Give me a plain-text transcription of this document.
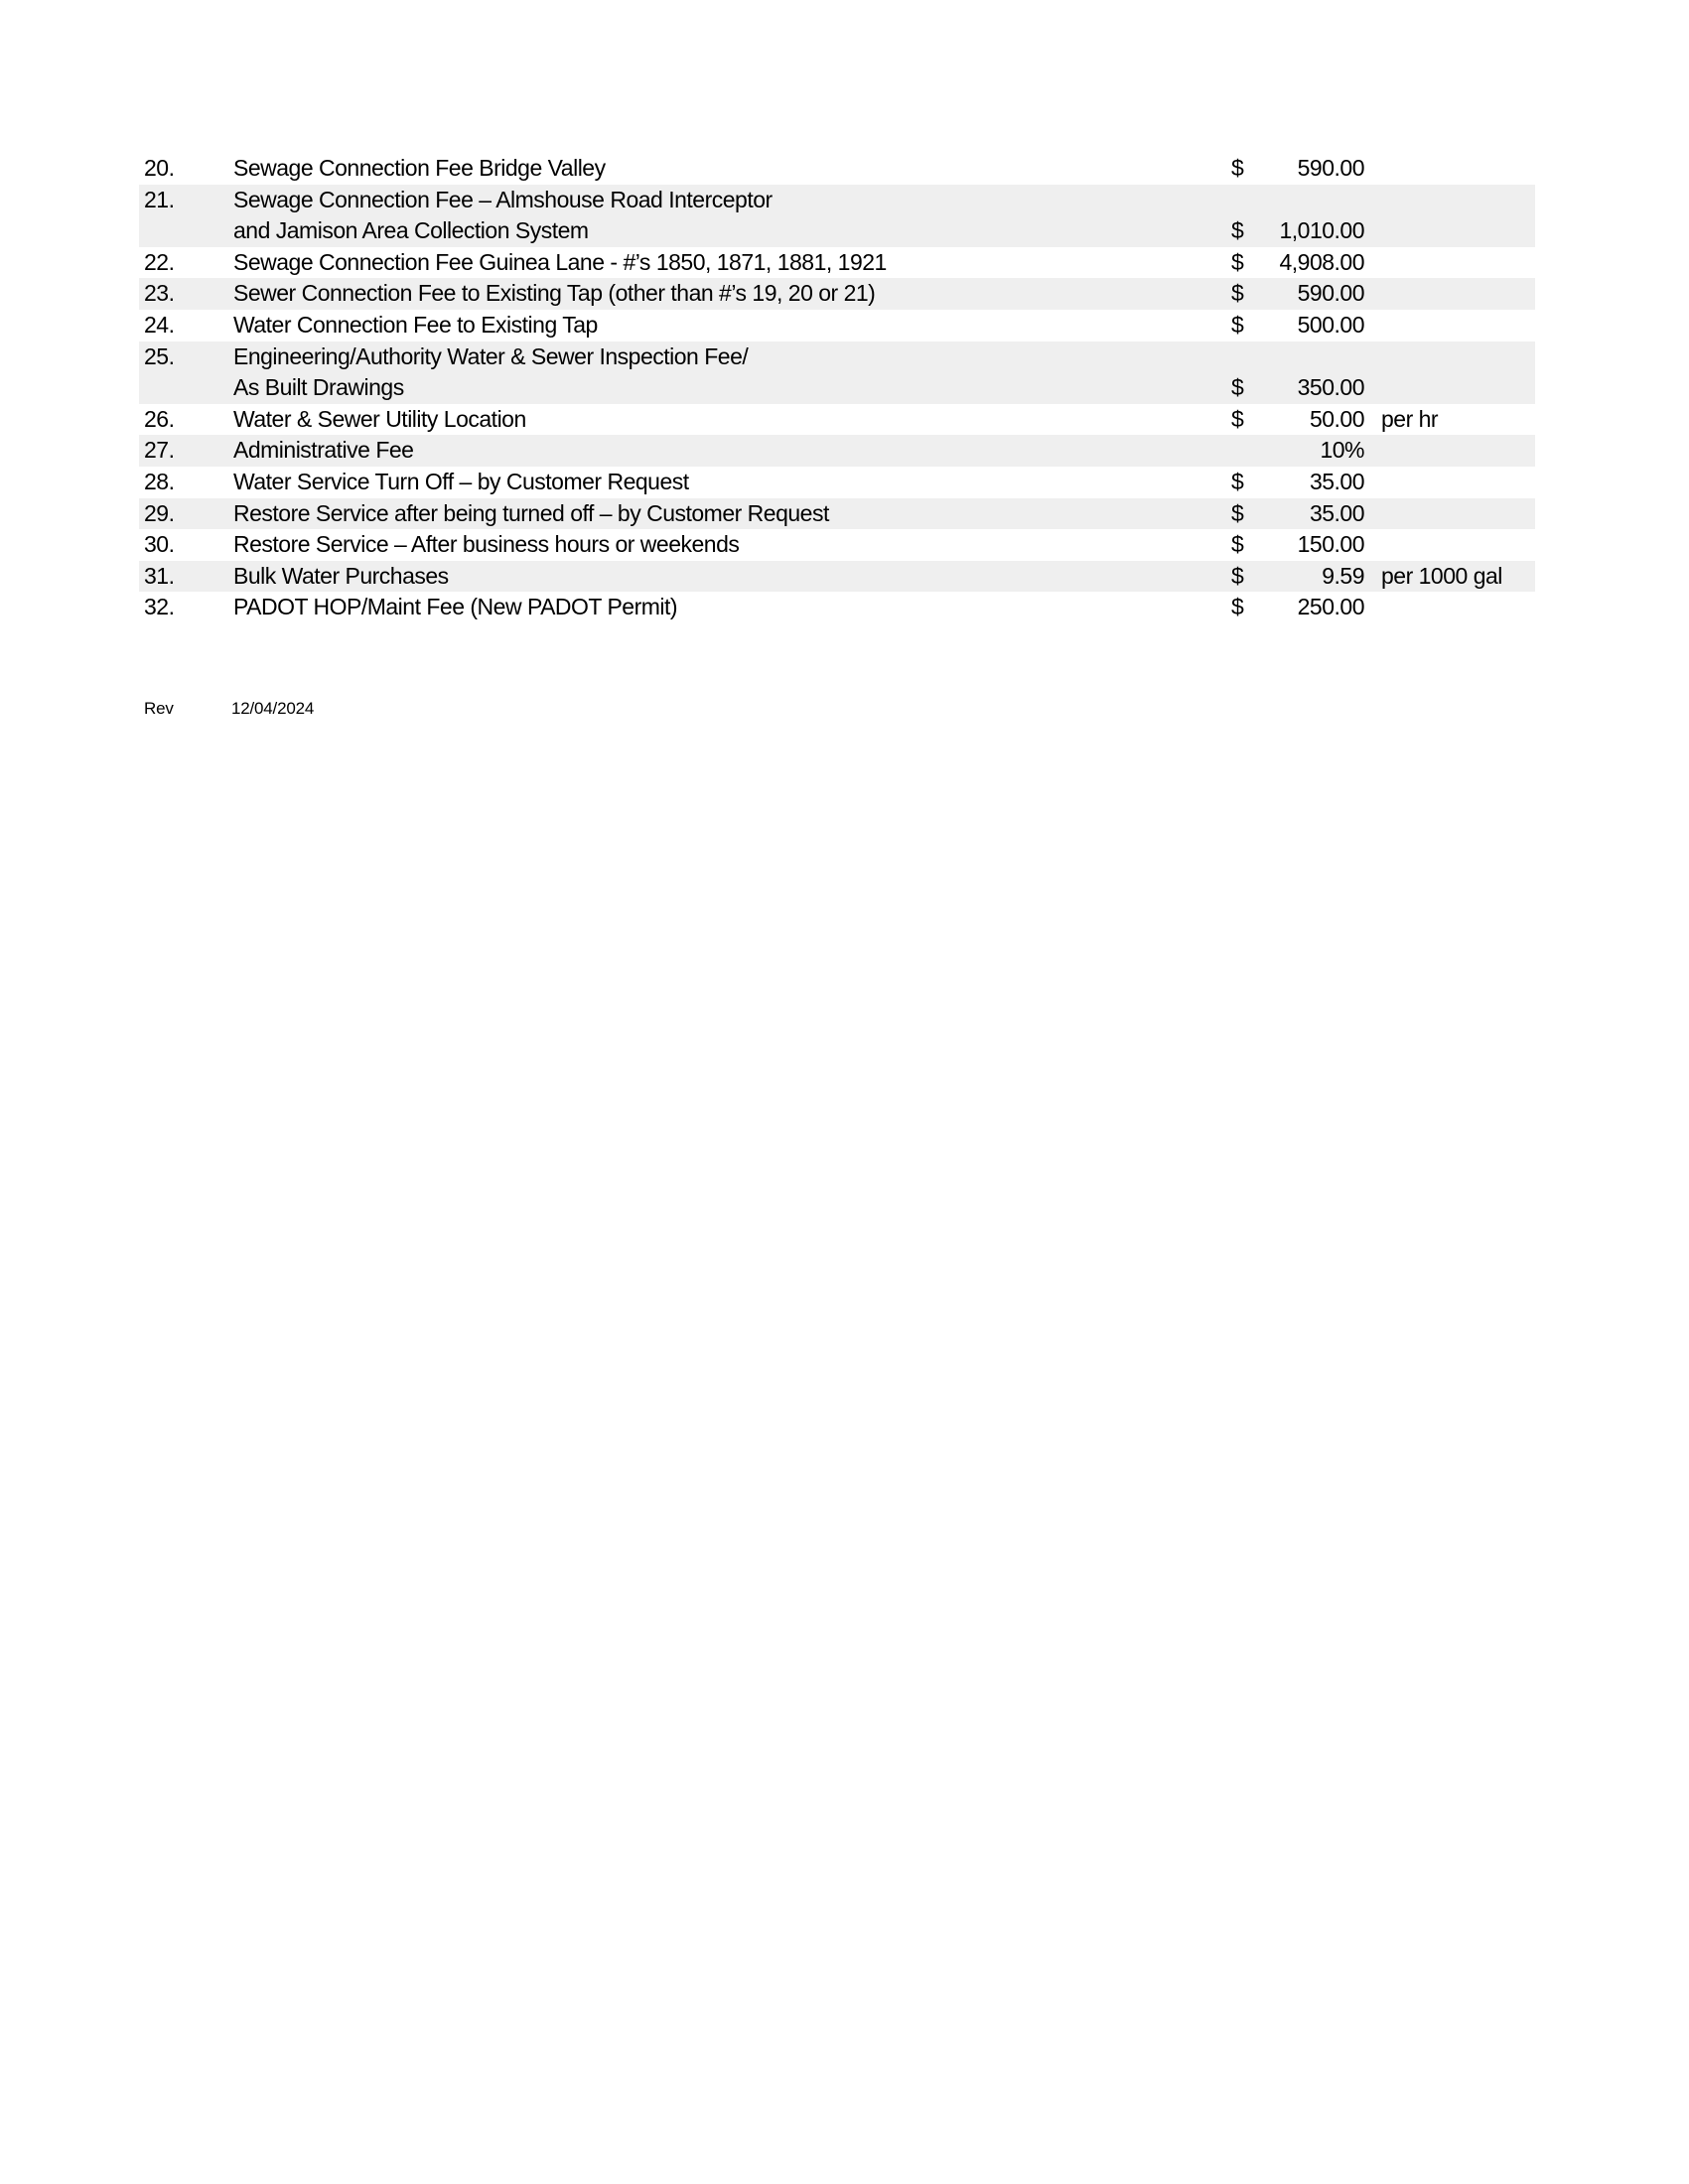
20.	Sewage Connection Fee Bridge Valley	$	590.00
21.	Sewage Connection Fee – Almshouse Road Interceptor
and Jamison Area Collection System	$	1,010.00
22.	Sewage Connection Fee Guinea Lane - #’s 1850, 1871, 1881, 1921	$	4,908.00
23.	Sewer Connection Fee to Existing Tap (other than #’s 19, 20 or 21)	$	590.00
24.	Water Connection Fee to Existing Tap	$	500.00
25.	Engineering/Authority Water & Sewer Inspection Fee/
As Built Drawings	$	350.00
26.	Water & Sewer Utility Location	$	50.00 per hr
27.	Administrative Fee	10%
28.	Water Service Turn Off – by Customer Request	$	35.00
29.	Restore Service after being turned off – by Customer Request	$	35.00
30.	Restore Service – After business hours or weekends	$	150.00
31.	Bulk Water Purchases	$	9.59 per 1000 gal
32.	PADOT HOP/Maint Fee (New PADOT Permit)	$	250.00
Rev	12/04/2024
